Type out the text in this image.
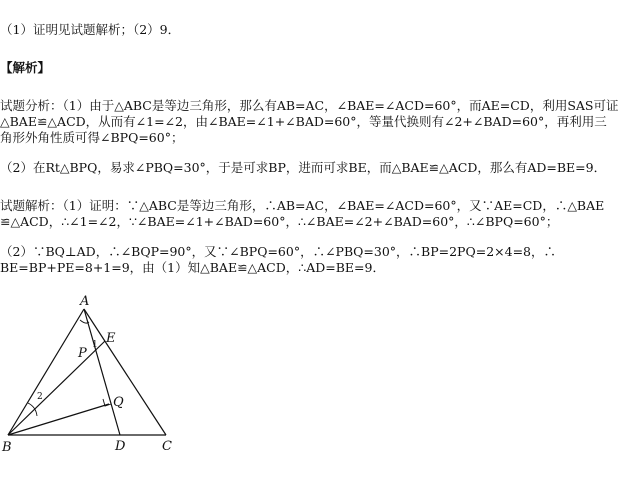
（1）证明见试题解析；（2）9．
【解析】
试题分析：（1）由于△ABC是等边三角形，那么有AB=AC，∠BAE=∠ACD=60°，而AE=CD，利用SAS可证
△BAE≌△ACD，从而有∠1=∠2，由∠BAE=∠1+∠BAD=60°，等量代换则有∠2+∠BAD=60°，再利用三
角形外角性质可得∠BPQ=60°；
（2）在Rt△BPQ，易求∠PBQ=30°，于是可求BP，进而可求BE，而△BAE≌△ACD，那么有AD=BE=9．
试题解析：（1）证明：∵△ABC是等边三角形，∴AB=AC，∠BAE=∠ACD=60°，又∵AE=CD，∴△BAE
≌△ACD，∴∠1=∠2，∵∠BAE=∠1+∠BAD=60°，∴∠BAE=∠2+∠BAD=60°，∴∠BPQ=60°；
（2）∵BQ⊥AD，∴∠BQP=90°，又∵∠BPQ=60°，∴∠PBQ=30°，∴BP=2PQ=2×4=8，∴
BE=BP+PE=8+1=9，由（1）知△BAE≌△ACD，∴AD=BE=9．
A
B	C
D
E
P
Q
1
2
